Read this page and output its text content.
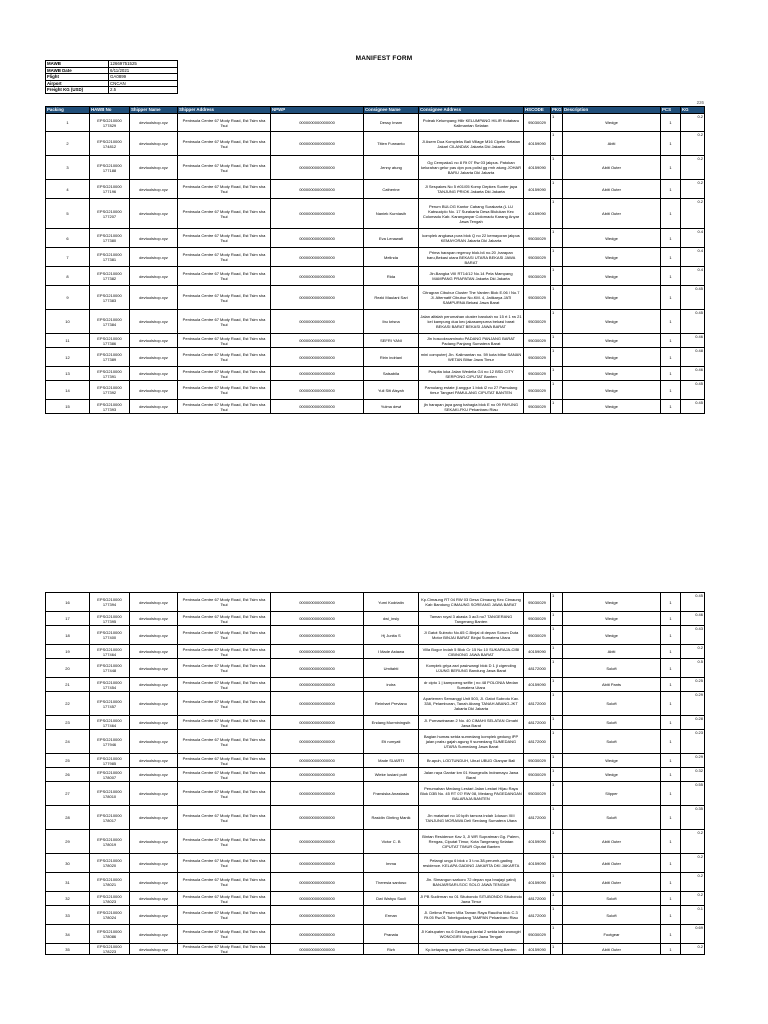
MANIFEST FORM
MAWB	12669751525
MAWB Date	6/11/2021
Flight	GA0899
Airport	CNCAN
Freight KG (USD)	2.5
226
Packing	HAWB No	Shipper Name	Shipper Address	NPWP	Consignee Name	Consignee Address	HSCODE	PKG	Description	PCS	KG
1	EPSG210000 177829	devtoolshop.xyz	Peninsula Centre 67 Mody Road, Est Tsim sha Tsui	0000000000000000	Dessy Imam	Poleak Kelumpang Hilir KELUMPANG HILIR Kotabaru Kalimantan Selatan	95030029	1	Wedge	1	0.2
2	EPSG210000 174812	devtoolshop.xyz	Peninsula Centre 67 Mody Road, Est Tsim sha Tsui	0000000000000000	Titien Furwanto	Jl Asem Dua Kompleks Bali Village M16 Cipete Selatan Jakarl CILANDAK Jakarta Dki Jakarta	40159090	1	Abiti	1	0.2
3	EPSG210000 177188	devtoolshop.xyz	Peninsula Centre 67 Mody Road, Est Tsim sha Tsui	0000000000000000	Jenny atung	Gg Cempaka1 no 8 Rt 07 Rw 03 jakpus. Patokan kelurahan gelur pas dpn pos polisi gg rmh atung JOHAR BARU Jakarta Dki Jakarta	40159090	1	Abiti Outer	1	0.2
4	EPSG210000 177196	devtoolshop.xyz	Peninsula Centre 67 Mody Road, Est Tsim sha Tsui	0000000000000000	Catherine	Jl Sespakes No 5 rt01/05 Komp Depkes Sunter jaya TANJUNG PRIOK Jakarta Dki Jakarta	40159090	1	Abiti Outer	1	0.2
5	EPSG210000 177207	devtoolshop.xyz	Peninsula Centre 67 Mody Road, Est Tsim sha Tsui	0000000000000000	Naniek Kurniasih	Perum BULOG Kantor Cabang Surakarta (L LU Kabsuciplo No. 17 Surakarta Desa Blulukan Kec Colomadu Kab. Karanganyar Colomadu Karang Anyar Jawa Tengah	40159090	1	Abiti Outer	1	0.2
6	EPSG210000 177380	devtoolshop.xyz	Peninsula Centre 67 Mody Road, Est Tsim sha Tsui	0000000000000000	Eva Lenawati	komplek angkasa pura blok Q no 22 kemayoran jakpus KEMAYORAN Jakarta Dki Jakarta	95030029	1	Wedge	1	0.4
7	EPSG210000 177381	devtoolshop.xyz	Peninsula Centre 67 Mody Road, Est Tsim sha Tsui	0000000000000000	Melinda	Prima harapan regency blok.b4 no.20 ,harapan baru,Bekasi utara BEKASI UTARA BEKASI JAWA BARAT	95030029	1	Wedge	1	0.4
8	EPSG210000 177382	devtoolshop.xyz	Peninsula Centre 67 Mody Road, Est Tsim sha Tsui	0000000000000000	Rida	Jln.Bangka VIII RT14/12 No.14 Pela Mampang MAMPANG PRAPATAN Jakarta Dki Jakarta	95030029	1	Wedge	1	0.4
9	EPSG210000 177383	devtoolshop.xyz	Peninsula Centre 67 Mody Road, Est Tsim sha Tsui	0000000000000000	Rezki Maulani Sari	Citragran Cibubur Cluster The Varden Blok E.06 / No.7 Jl. Alternatif Cibubur No.KM. 4, Jatikarya JATI SAMPURNA Bekasi Jawa Barat	95030029	1	Wedge	1	0.45
10	EPSG210000 177384	devtoolshop.xyz	Peninsula Centre 67 Mody Road, Est Tsim sha Tsui	0000000000000000	Ibu krisna	Jalan alfalah perumahan cluster barokah no 15 rt 1 rw 21 kel kampung dua kec jakasampurna bekasi barat BEKASI BARAT BEKASI JAWA BARAT	95030029	1	Wedge	1	0.45
11	EPSG210000 177386	devtoolshop.xyz	Peninsula Centre 67 Mody Road, Est Tsim sha Tsui	0000000000000000	SEFRI YANI	Jln hoscokroaminoto PADANG PANJANG BARAT Padang Panjang Sumatera Barat	95030029	1	Wedge	1	0.46
12	EPSG210000 177389	devtoolshop.xyz	Peninsula Centre 67 Mody Road, Est Tsim sha Tsui	0000000000000000	Ririn indriani	mini computer) Jln. Kalimantan no. 59 kota blitar SANAN WETAN Blitar Jawa Timur	95030029	1	Wedge	1	0.48
13	EPSG210000 177391	devtoolshop.xyz	Peninsula Centre 67 Mody Road, Est Tsim sha Tsui	0000000000000000	Salsabila	Puspita loka Jalan Wedelia G4 no 12 BSD CITY SERPONG CIPUTAT Banten	95030029	1	Wedge	1	0.46
14	EPSG210000 177392	devtoolshop.xyz	Peninsula Centre 67 Mody Road, Est Tsim sha Tsui	0000000000000000	Yuli Siti Aisyah	Pamulang estate jl anggur 1 blok i2 no 27 Pamulang timur Tangsel PAMULANG CIPUTAT BANTEN	95030029	1	Wedge	1	0.45
15	EPSG210000 177393	devtoolshop.xyz	Peninsula Centre 67 Mody Road, Est Tsim sha Tsui	0000000000000000	Yulma dewi	jln harapan jaya gang bahagia blok E no 09 PAYUNG SEKAKI-FKU Pekanbaru Riau	95030029	1	Wedge	1	0.45
16	EPSG210000 177394	devtoolshop.xyz	Peninsula Centre 67 Mody Road, Est Tsim sha Tsui	0000000000000000	Yumi Kodriatin	Kp.Cimaung RT 04 RW 03 Desa Cimaung Kec Cimaung Kab Bandung CIMAUNG SOREANG JAWA BARAT	95030029	1	Wedge	1	0.45
17	EPSG210000 177395	devtoolshop.xyz	Peninsula Centre 67 Mody Road, Est Tsim sha Tsui	0000000000000000	dwi_insiy	Taman royal 3 akasia 3 ac3 no7 TANGERANG Tangerang Banten	95030029	1	Wedge	1	0.46
18	EPSG210000 177400	devtoolshop.xyz	Peninsula Centre 67 Mody Road, Est Tsim sha Tsui	0000000000000000	Hj Junita S	Jl Gatot Subroto No.65 C.Binjai di depan Sorum Duta Motor BINJAI BARAT Binjai Sumatera Utara	95030029	1	Wedge	1	0.43
19	EPSG210000 177464	devtoolshop.xyz	Peninsula Centre 67 Mody Road, Est Tsim sha Tsui	0000000000000000	I Made Astawa	Villa Bogor Indah 5 Blok Cr 15 No 10 SUKARAJA-CIBI CIBINONG JAWA BARAT	40159090	1	Abiti	1	0.2
20	EPSG210000 177448	devtoolshop.xyz	Peninsula Centre 67 Mody Road, Est Tsim sha Tsui	0000000000000000	Umitahti	Komplek griya asri pasirwangi blok D 1 jl cigending UJUNG BERUNG Bandung Jawa Barat	48172000	1	Soloft	1	0.5
21	EPSG210000 177454	devtoolshop.xyz	Peninsula Centre 67 Mody Road, Est Tsim sha Tsui	0000000000000000	indra	dr cipto 1 | kampoeng selfie | no 48 POLONIA Medan Sumatera Utara	40159090	1	Abiti Pants	1	0.25
22	EPSG210000 177457	devtoolshop.xyz	Peninsula Centre 67 Mody Road, Est Tsim sha Tsui	0000000000000000	Reinhart Previano	Apartemen Semanggi Unit 503, Jl. Gatot Subroto Kav. 338, Pelamburan, Tanah Abang TANAH ABANG-JKT Jakarta Dki Jakarta	48172000	1	Soloft	1	0.29
23	EPSG210000 177464	devtoolshop.xyz	Peninsula Centre 67 Mody Road, Est Tsim sha Tsui	0000000000000000	Endang Murminingsih	Jl. Purnawirawan 2 No. 40 CIMAHI SELATAN Cimahi Jawa Barat	48172000	1	Soloft	1	0.28
24	EPSG210000 177946	devtoolshop.xyz	Peninsula Centre 67 Mody Road, Est Tsim sha Tsui	0000000000000000	Eti rumyati	Bagian humas setda sumedang komplek gedung IPP jalan prabu gajah agung 9 sumedang SUMEDANG UTARA Sumedang Jawa Barat	48172000	1	Soloft	1	0.23
25	EPSG210000 177985	devtoolshop.xyz	Peninsula Centre 67 Mody Road, Est Tsim sha Tsui	0000000000000000	Made SUARTI	Br.apuh, LODTUNDUH, Ubud UBUD Gianyar Bali	95030029	1	Wedge	1	0.29
26	EPSG210000 178007	devtoolshop.xyz	Peninsula Centre 67 Mody Road, Est Tsim sha Tsui	0000000000000000	Wieke lusiani putri	Jalan raya Gantar km 01 Haurgeulis Indramayu Jawa Barat	95030029	1	Wedge	1	0.32
27	EPSG210000 178010	devtoolshop.xyz	Peninsula Centre 67 Mody Road, Est Tsim sha Tsui	0000000000000000	Fransiska Anastasia	Perumahan Medang Lestari Jalan Lestari Hijau Raya Blok D3B No. 45 RT 07/ RW 08, Medang PAGEDANGAN BALARAJA BANTEN	95030029	1	Slipper	1	0.55
28	EPSG210000 178017	devtoolshop.xyz	Peninsula Centre 67 Mody Road, Est Tsim sha Tsui	0000000000000000	Rasidin Ginting Manik	Jln matahari no 10 kplh tamora indah 1dusun XIII TANJUNG MORAWA Deli Serdang Sumatera Utara	48172000	1	Soloft	1	0.35
29	EPSG210000 178019	devtoolshop.xyz	Peninsula Centre 67 Mody Road, Est Tsim sha Tsui	0000000000000000	Victor C. B	Bintan Residence Kav 3, Jl WR Supratman Gg. Palem, Rengas, Ciputat Timur, Kota Tangerang Selatan CIPUTAT TIMUR Ciputat Banten	40159090	1	Abiti Outer	1	0.2
30	EPSG210000 178020	devtoolshop.xyz	Peninsula Centre 67 Mody Road, Est Tsim sha Tsui	0000000000000000	Imma	Pelangi ungu 6 blok c 3 t.no.38.perumh.gading residence. KELAPA GADING JAKARTA DKI JAKARTA	40159090	1	Abiti Outer	1	0.2
31	EPSG210000 178021	devtoolshop.xyz	Peninsula Centre 67 Mody Road, Est Tsim sha Tsui	0000000000000000	Theresia santoso	Jln. Simangun sarkoro 72 depan nya bnajayi yatni) BANJARSARI-SOC SOLO JAWA TENGAH	40159090	1	Abiti Outer	1	0.2
32	EPSG210000 178023	devtoolshop.xyz	Peninsula Centre 67 Mody Road, Est Tsim sha Tsui	0000000000000000	Dwi Wahyu Sucli	Jl PB Sudirman no 01 Situbondo SITUBONDO Situbondo Jawa Timur	48172000	1	Soloft	1	0.2
33	EPSG210000 178024	devtoolshop.xyz	Peninsula Centre 67 Mody Road, Est Tsim sha Tsui	0000000000000000	Erman	Jl. Delima Perum Villa Taman Raya Raudha blok C.3 Rt.05 Rw.01 Tobekgodang TAMPAN Pekanbaru Riau	48172000	1	Soloft	1	0.1
34	EPSG210000 178086	devtoolshop.xyz	Peninsula Centre 67 Mody Road, Est Tsim sha Tsui	0000000000000000	Pranata	Jl Kabupaten no.6 Gedung A lantai 2 setda kab wonogiri WONOGIRI Wonogiri Jawa Tengah	95030029	1	Footgear	1	0.69
35	EPSG210000 178223	devtoolshop.xyz	Peninsula Centre 67 Mody Road, Est Tsim sha Tsui	0000000000000000	Rizh	Kp.ketapang waringin Cikeusal Kab.Serang Banten	40159090	1	Abiti Outer	1	0.2
